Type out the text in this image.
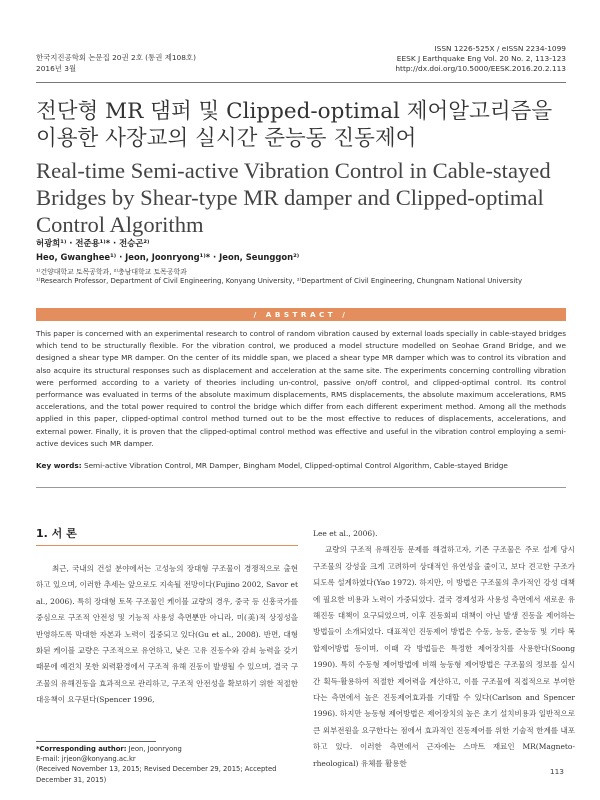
한국지진공학회 논문집 20권 2호 (통권 제108호)
2016년 3월
ISSN 1226-525X / eISSN 2234-1099
EESK J Earthquake Eng Vol. 20 No. 2, 113-123
http://dx.doi.org/10.5000/EESK.2016.20.2.113
전단형 MR 댐퍼 및 Clipped-optimal 제어알고리즘을 이용한 사장교의 실시간 준능동 진동제어
Real-time Semi-active Vibration Control in Cable-stayed Bridges by Shear-type MR damper and Clipped-optimal Control Algorithm
허광희¹⁾ · 전준용¹⁾* · 전승곤²⁾
Heo, Gwanghee¹⁾ · Jeon, Joonryong¹⁾* · Jeon, Seunggon²⁾
¹⁾건양대학교 토목공학과, ²⁾충남대학교 토목공학과
¹⁾Research Professor, Department of Civil Engineering, Konyang University, ²⁾Department of Civil Engineering, Chungnam National University
/ ABSTRACT /
This paper is concerned with an experimental research to control of random vibration caused by external loads specially in cable-stayed bridges which tend to be structurally flexible. For the vibration control, we produced a model structure modelled on Seohae Grand Bridge, and we designed a shear type MR damper. On the center of its middle span, we placed a shear type MR damper which was to control its vibration and also acquire its structural responses such as displacement and acceleration at the same site. The experiments concerning controlling vibration were performed according to a variety of theories including un-control, passive on/off control, and clipped-optimal control. Its control performance was evaluated in terms of the absolute maximum displacements, RMS displacements, the absolute maximum accelerations, RMS accelerations, and the total power required to control the bridge which differ from each different experiment method. Among all the methods applied in this paper, clipped-optimal control method turned out to be the most effective to reduces of displacements, accelerations, and external power. Finally, it is proven that the clipped-optimal control method was effective and useful in the vibration control employing a semi-active devices such MR damper.
Key words: Semi-active Vibration Control, MR Damper, Bingham Model, Clipped-optimal Control Algorithm, Cable-stayed Bridge
1. 서 론
최근, 국내의 건설 분야에서는 고성능의 장대형 구조물이 경쟁적으로 출현하고 있으며, 이러한 추세는 앞으로도 지속될 전망이다(Fujino 2002, Savor et al., 2006). 특히 장대형 토목 구조물인 케이블 교량의 경우, 중국 등 신흥국가를 중심으로 구조적 안전성 및 기능적 사용성 측면뿐만 아니라, 미(美)적 상징성을 반영하도록 막대한 자본과 노력이 집중되고 있다(Gu et al., 2008). 반면, 대형화된 케이블 교량은 구조적으로 유연하고, 낮은 고유 진동수와 감쇠 능력을 갖기 때문에 예견치 못한 외력환경에서 구조적 유해 진동이 발생될 수 있으며, 결국 구조물의 유해진동을 효과적으로 관리하고, 구조적 안전성을 확보하기 위한 적절한 대응책이 요구된다(Spencer 1996,

Lee et al., 2006).

교량의 구조적 유해진동 문제를 해결하고자, 기존 구조물은 주로 설계 당시 구조물의 강성을 크게 고려하여 상대적인 유연성을 줄이고, 보다 견고한 구조가 되도록 설계하였다(Yao 1972). 하지만, 이 방법은 구조물의 추가적인 강성 대책에 필요한 비용과 노력이 가중되었다. 결국 경제성과 사용성 측면에서 새로운 유해진동 대책이 요구되었으며, 이후 진동회피 대책이 아닌 발생 진동을 제어하는 방법들이 소개되었다. 대표적인 진동제어 방법은 수동, 능동, 준능동 및 기타 복합제어방법 등이며, 이때 각 방법들은 특정한 제어장치를 사용한다(Soong 1990). 특히 수동형 제어방법에 비해 능동형 제어방법은 구조물의 정보를 실시간 획득·활용하여 적절한 제어력을 계산하고, 이를 구조물에 직접적으로 부여한다는 측면에서 높은 진동제어효과를 기대할 수 있다(Carlson and Spencer 1996). 하지만 능동형 제어방법은 제어장치의 높은 초기 설치비용과 일반적으로 큰 외부전원을 요구한다는 점에서 효과적인 진동제어를 위한 기술적 한계를 내포하고 있다. 이러한 측면에서 근자에는 스마트 재료인 MR(Magneto-rheological) 유체를 활용한

*Corresponding author: Jeon, Joonryong
E-mail: jrjeon@konyang.ac.kr
(Received November 13, 2015; Revised December 29, 2015; Accepted December 31, 2015)
113
